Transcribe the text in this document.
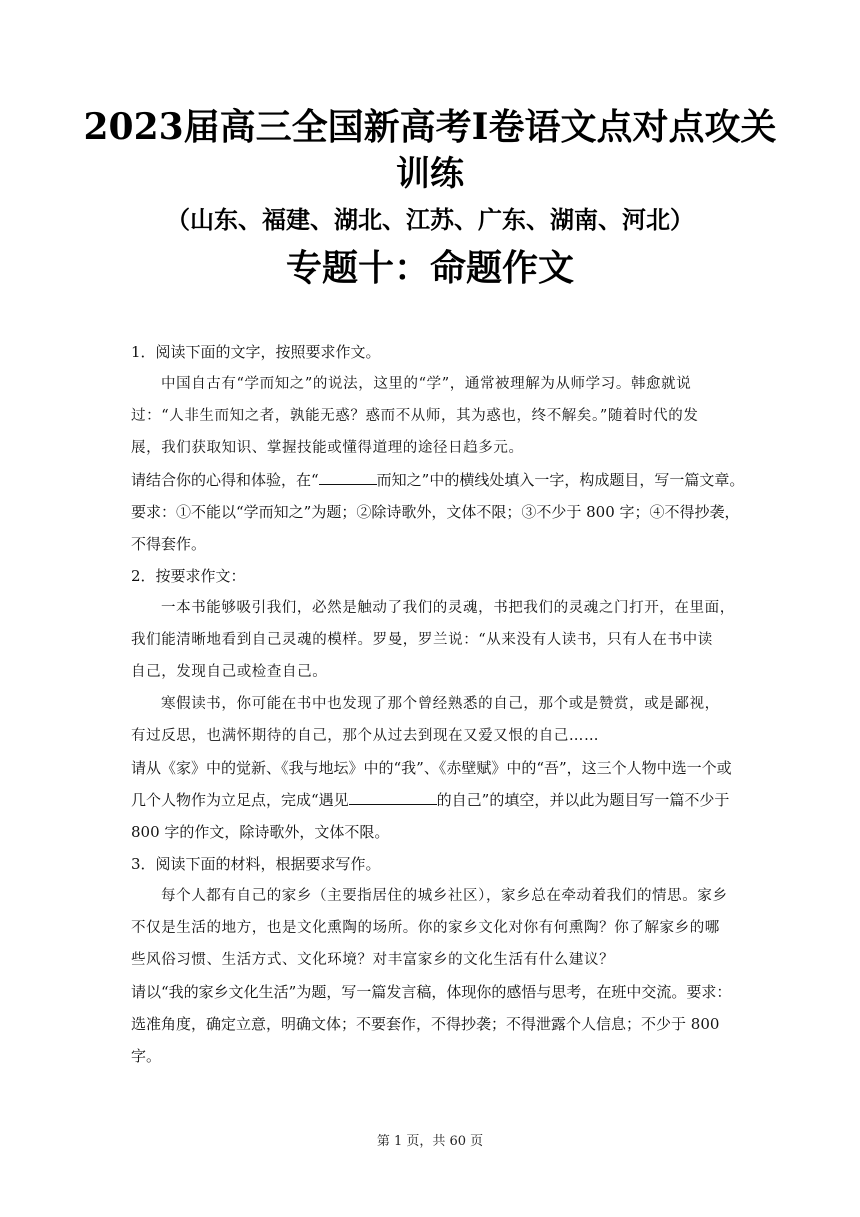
2023届高三全国新高考Ⅰ卷语文点对点攻关
训练
（山东、福建、湖北、江苏、广东、湖南、河北）
专题十：命题作文

1．阅读下面的文字，按照要求作文。

中国自古有“学而知之”的说法，这里的“学”，通常被理解为从师学习。韩愈就说

过：“人非生而知之者，孰能无惑？惑而不从师，其为惑也，终不解矣。”随着时代的发

展，我们获取知识、掌握技能或懂得道理的途径日趋多元。

请结合你的心得和体验，在“	而知之”中的横线处填入一字，构成题目，写一篇文章。

要求：①不能以“学而知之”为题；②除诗歌外，文体不限；③不少于 800 字；④不得抄袭，

不得套作。

2．按要求作文：

一本书能够吸引我们，必然是触动了我们的灵魂，书把我们的灵魂之门打开，在里面，

我们能清晰地看到自己灵魂的模样。罗曼，罗兰说：“从来没有人读书，只有人在书中读

自己，发现自己或检查自己。

寒假读书，你可能在书中也发现了那个曾经熟悉的自己，那个或是赞赏，或是鄙视，

有过反思，也满怀期待的自己，那个从过去到现在又爱又恨的自己……

请从《家》中的觉新、《我与地坛》中的“我”、《赤壁赋》中的“吾”，这三个人物中选一个或

几个人物作为立足点，完成“遇见	的自己”的填空，并以此为题目写一篇不少于

800 字的作文，除诗歌外，文体不限。

3．阅读下面的材料，根据要求写作。

每个人都有自己的家乡（主要指居住的城乡社区），家乡总在牵动着我们的情思。家乡

不仅是生活的地方，也是文化熏陶的场所。你的家乡文化对你有何熏陶？你了解家乡的哪

些风俗习惯、生活方式、文化环境？对丰富家乡的文化生活有什么建议？

请以“我的家乡文化生活”为题，写一篇发言稿，体现你的感悟与思考，在班中交流。要求：

选准角度，确定立意，明确文体；不要套作，不得抄袭；不得泄露个人信息；不少于 800

字。

第 1 页，共 60 页
